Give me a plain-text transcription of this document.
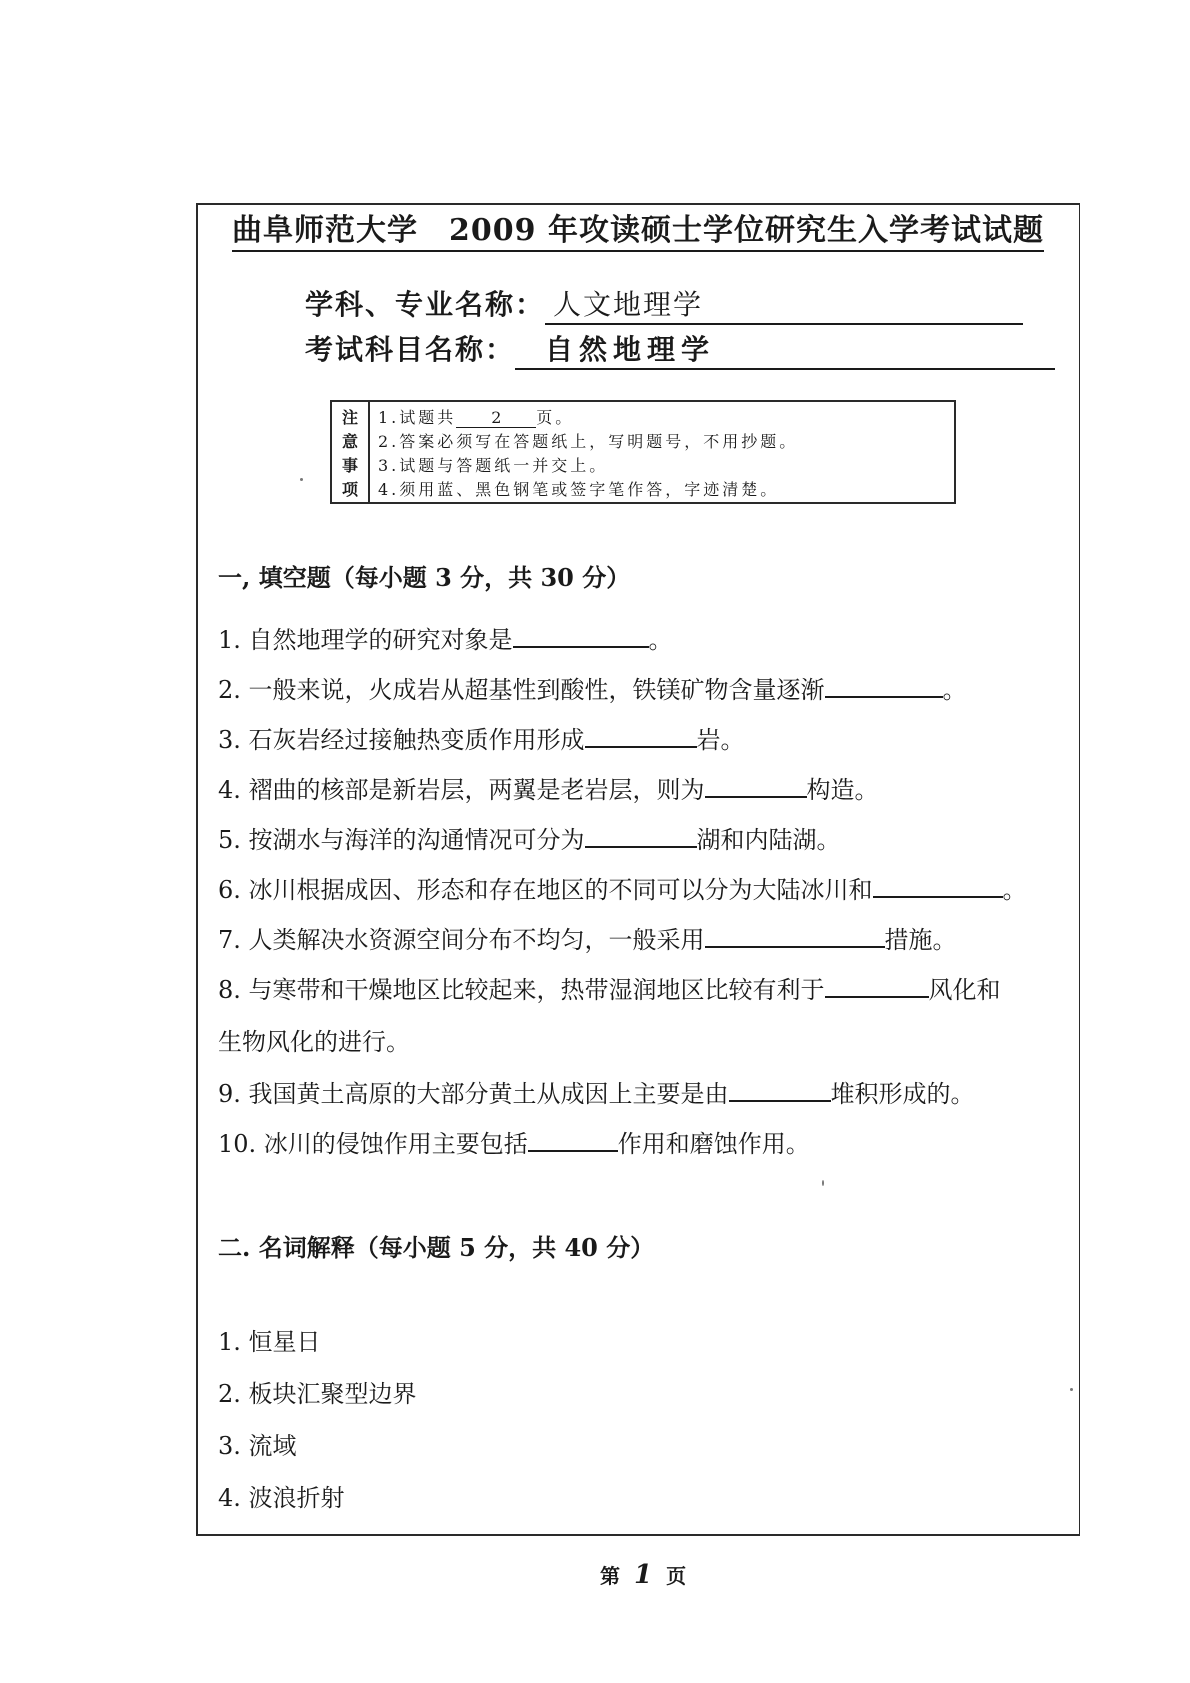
曲阜师范大学　2009 年攻读硕士学位研究生入学考试试题
学科、专业名称： 人文地理学
考试科目名称： 自然地理学
注
意
事
项
1.试题共 2 页。
2.答案必须写在答题纸上，写明题号，不用抄题。
3.试题与答题纸一并交上。
4.须用蓝、黑色钢笔或签字笔作答，字迹清楚。
一, 填空题（每小题 3 分，共 30 分）
1. 自然地理学的研究对象是	。
2. 一般来说，火成岩从超基性到酸性，铁镁矿物含量逐渐	。
3. 石灰岩经过接触热变质作用形成	岩。
4. 褶曲的核部是新岩层，两翼是老岩层，则为	构造。
5. 按湖水与海洋的沟通情况可分为	湖和内陆湖。
6. 冰川根据成因、形态和存在地区的不同可以分为大陆冰川和	。
7. 人类解决水资源空间分布不均匀，一般采用	措施。
8. 与寒带和干燥地区比较起来，热带湿润地区比较有利于	风化和
生物风化的进行。
9. 我国黄土高原的大部分黄土从成因上主要是由	堆积形成的。
10. 冰川的侵蚀作用主要包括	作用和磨蚀作用。
二. 名词解释（每小题 5 分，共 40 分）
1. 恒星日
2. 板块汇聚型边界
3. 流域
4. 波浪折射
第 1 页
